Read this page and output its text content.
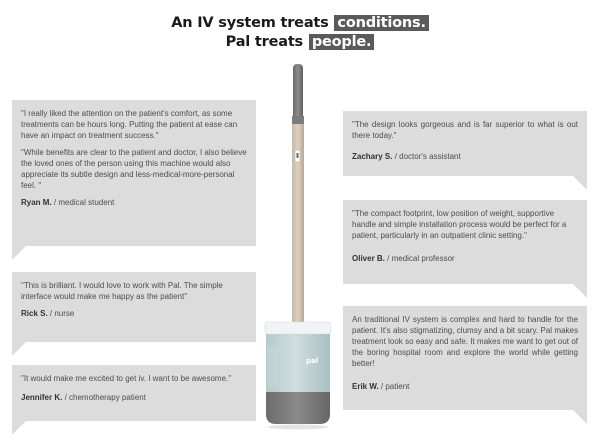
An IV system treats conditions.
Pal treats people.

"I really liked the attention on the patient's comfort, as some treatments can be hours long. Putting the patient at ease can have an impact on treatment success."

"While benefits are clear to the patient and doctor, I also believe the loved ones of the person using this machine would also appreciate its subtle design and less-medical-more-personal feel. "

Ryan M. / medical student

"This is brilliant. I would love to work with Pal. The simple interface would make me happy as the patient"

Rick S. / nurse

"It would make me excited to get iv. I want to be awesome."

Jennifer K. / chemotherapy patient

"The design looks gorgeous and is far superior to what is out there today."

Zachary S. / doctor's assistant

"The compact footprint, low position of weight, supportive handle and simple installation process would be perfect for a patient, particularly in an outpatient clinic setting."

Oliver B. / medical professor

An traditional IV system is complex and hard to handle for the patient. It's also stigmatizing, clumsy and a bit scary. Pal makes treatment look so easy and safe. It makes me want to get out of the boring hospital room and explore the world while getting better!

Erik W. / patient
pal
